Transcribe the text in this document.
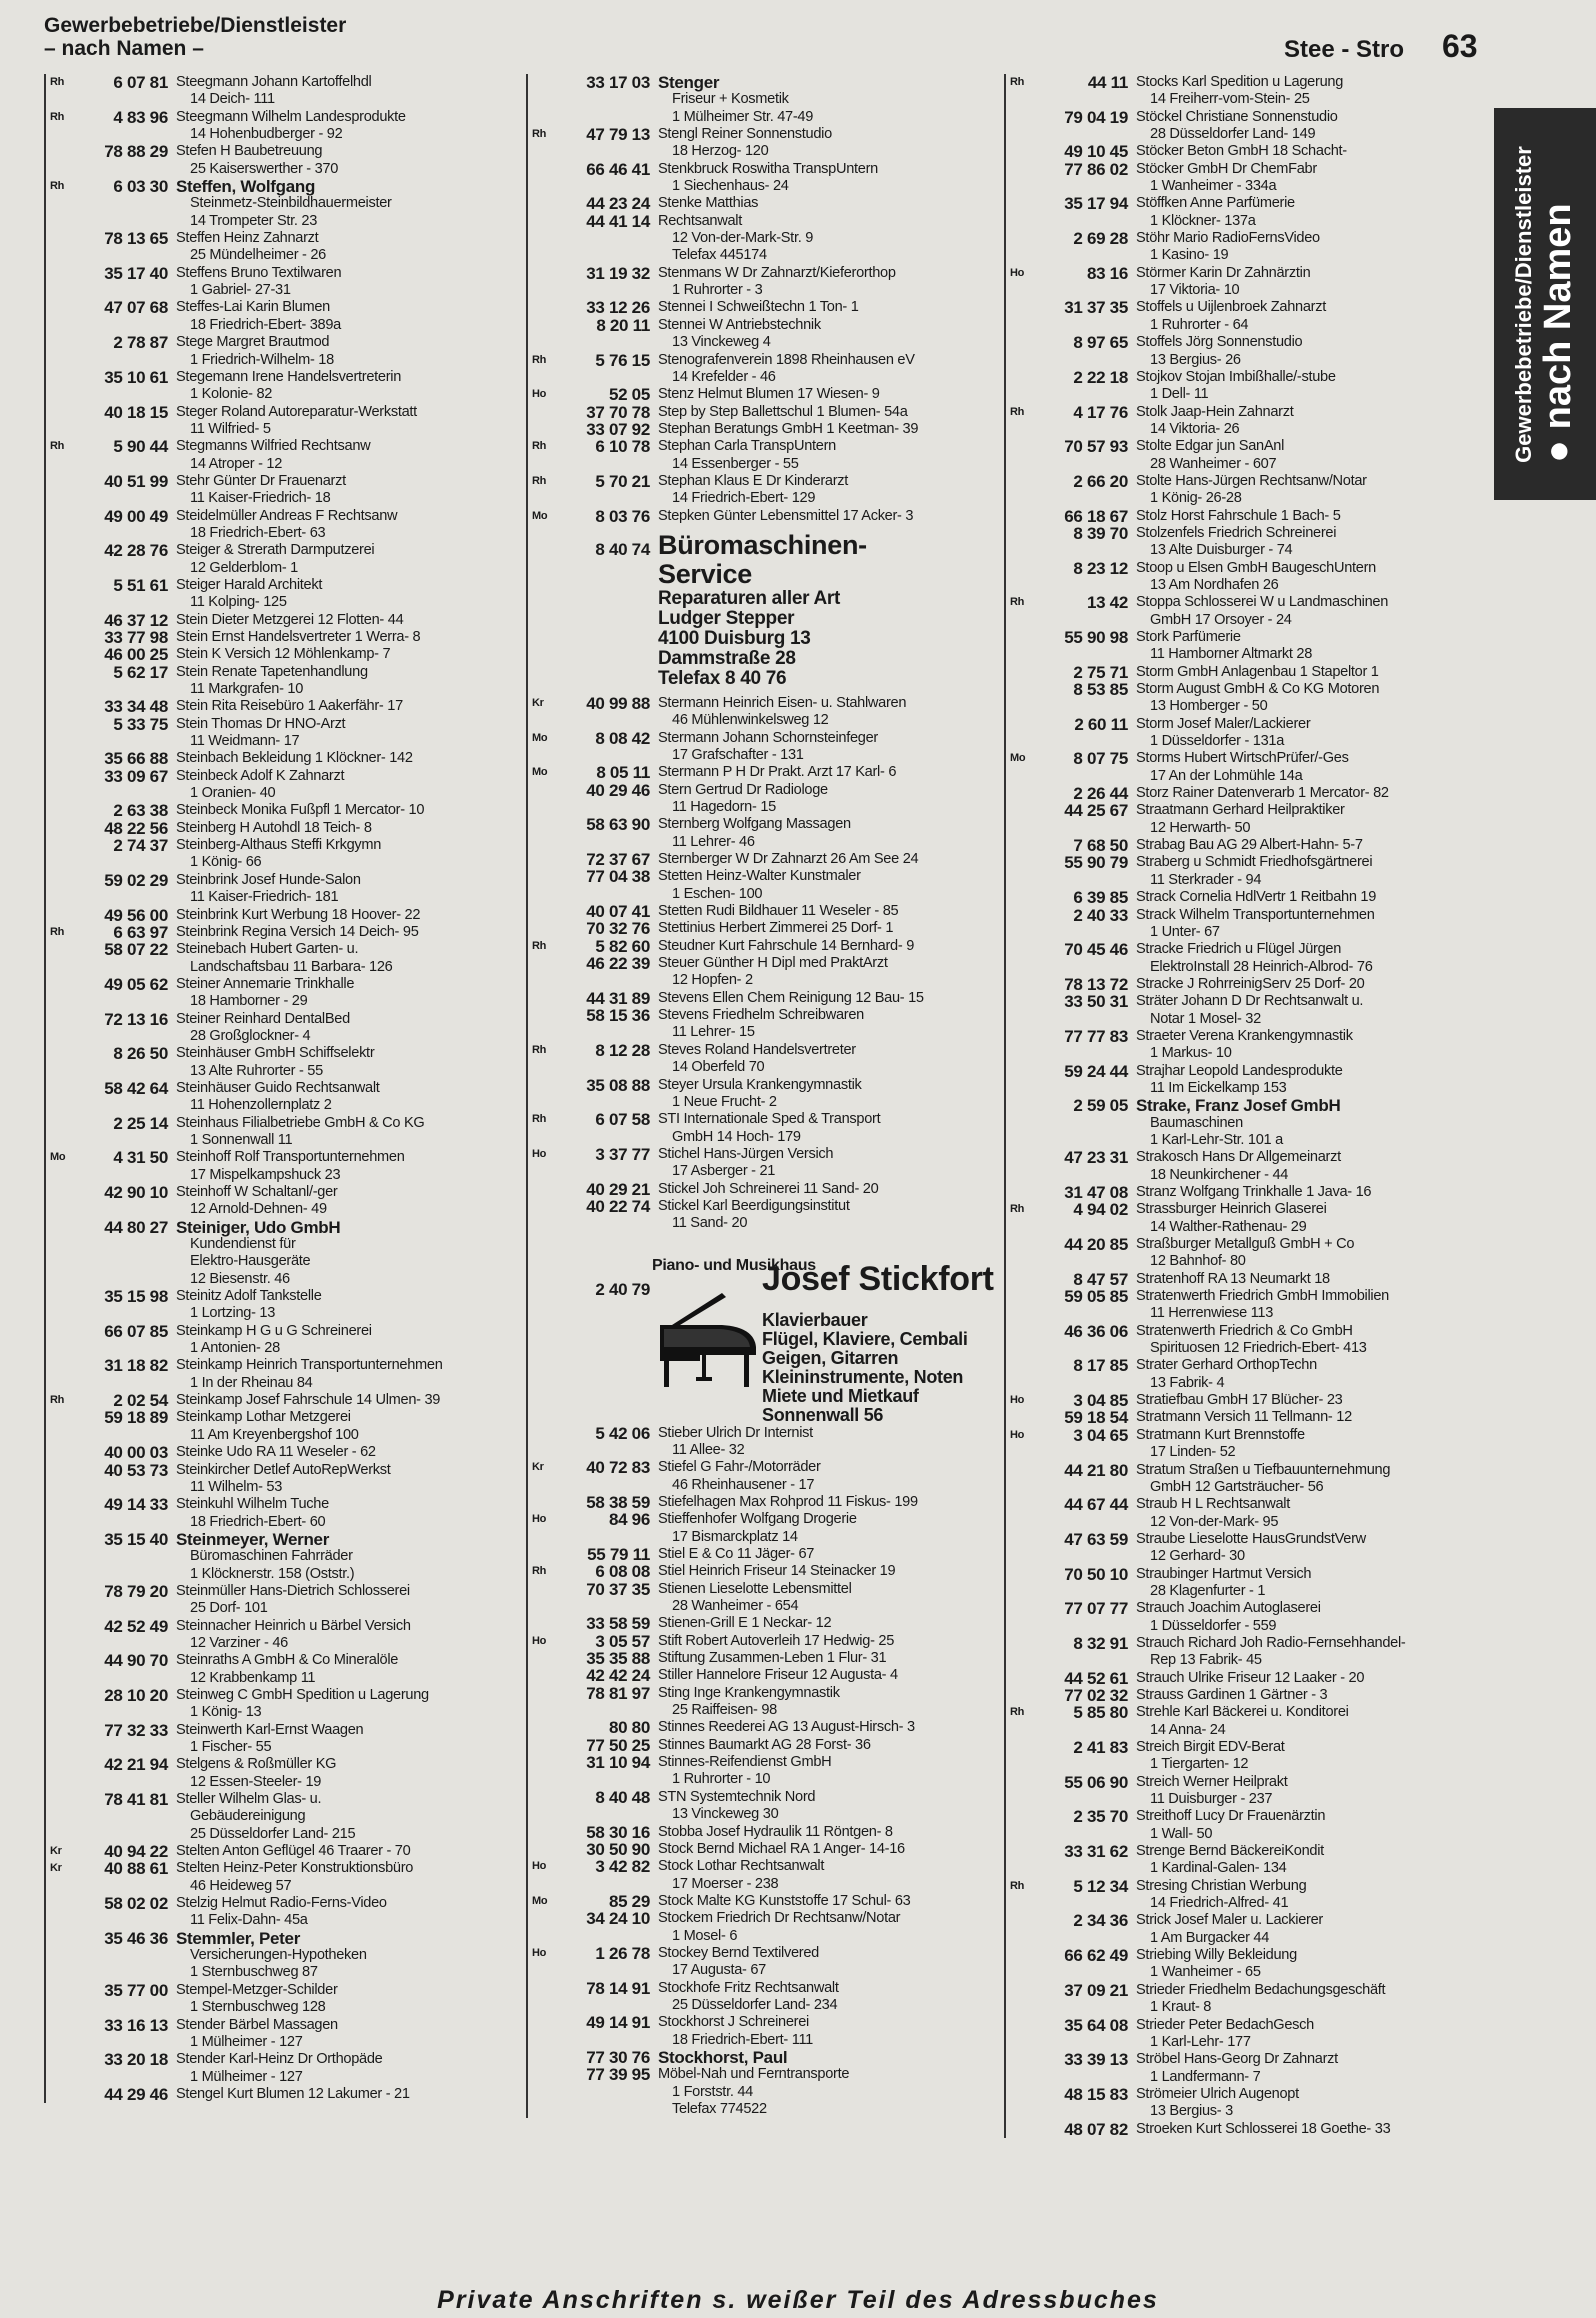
Gewerbebetriebe/Dienstleister
– nach Namen –	Stee - Stro 63
Gewerbebetriebe/Dienstleister ● nach Namen
Rh	6 07 81 Steegmann Johann Kartoffelhdl
14 Deich- 111
Rh	4 83 96 Steegmann Wilhelm Landesprodukte
14 Hohenbudberger - 92
78 88 29 Stefen H Baubetreuung
25 Kaiserswerther - 370
Rh	6 03 30 Steffen, Wolfgang
Steinmetz-Steinbildhauermeister
14 Trompeter Str. 23
78 13 65 Steffen Heinz Zahnarzt
25 Mündelheimer - 26
35 17 40 Steffens Bruno Textilwaren
1 Gabriel- 27-31
47 07 68 Steffes-Lai Karin Blumen
18 Friedrich-Ebert- 389a
2 78 87 Stege Margret Brautmod
1 Friedrich-Wilhelm- 18
35 10 61 Stegemann Irene Handelsvertreterin
1 Kolonie- 82
40 18 15 Steger Roland Autoreparatur-Werkstatt
11 Wilfried- 5
Rh	5 90 44 Stegmanns Wilfried Rechtsanw
14 Atroper - 12
40 51 99 Stehr Günter Dr Frauenarzt
11 Kaiser-Friedrich- 18
49 00 49 Steidelmüller Andreas F Rechtsanw
18 Friedrich-Ebert- 63
42 28 76 Steiger & Strerath Darmputzerei
12 Gelderblom- 1
5 51 61 Steiger Harald Architekt
11 Kolping- 125
46 37 12 Stein Dieter Metzgerei 12 Flotten- 44
33 77 98 Stein Ernst Handelsvertreter 1 Werra- 8
46 00 25 Stein K Versich 12 Möhlenkamp- 7
5 62 17 Stein Renate Tapetenhandlung
11 Markgrafen- 10
33 34 48 Stein Rita Reisebüro 1 Aakerfähr- 17
5 33 75 Stein Thomas Dr HNO-Arzt
11 Weidmann- 17
35 66 88 Steinbach Bekleidung 1 Klöckner- 142
33 09 67 Steinbeck Adolf K Zahnarzt
1 Oranien- 40
2 63 38 Steinbeck Monika Fußpfl 1 Mercator- 10
48 22 56 Steinberg H Autohdl 18 Teich- 8
2 74 37 Steinberg-Althaus Steffi Krkgymn
1 König- 66
59 02 29 Steinbrink Josef Hunde-Salon
11 Kaiser-Friedrich- 181
49 56 00 Steinbrink Kurt Werbung 18 Hoover- 22
Rh	6 63 97 Steinbrink Regina Versich 14 Deich- 95
58 07 22 Steinebach Hubert Garten- u.
Landschaftsbau 11 Barbara- 126
49 05 62 Steiner Annemarie Trinkhalle
18 Hamborner - 29
72 13 16 Steiner Reinhard DentalBed
28 Großglockner- 4
8 26 50 Steinhäuser GmbH Schiffselektr
13 Alte Ruhrorter - 55
58 42 64 Steinhäuser Guido Rechtsanwalt
11 Hohenzollernplatz 2
2 25 14 Steinhaus Filialbetriebe GmbH & Co KG
1 Sonnenwall 11
Mo	4 31 50 Steinhoff Rolf Transportunternehmen
17 Mispelkampshuck 23
42 90 10 Steinhoff W Schaltanl/-ger
12 Arnold-Dehnen- 49
44 80 27 Steiniger, Udo GmbH
Kundendienst für
Elektro-Hausgeräte
12 Biesenstr. 46
35 15 98 Steinitz Adolf Tankstelle
1 Lortzing- 13
66 07 85 Steinkamp H G u G Schreinerei
1 Antonien- 28
31 18 82 Steinkamp Heinrich Transportunternehmen
1 In der Rheinau 84
Rh	2 02 54 Steinkamp Josef Fahrschule 14 Ulmen- 39
59 18 89 Steinkamp Lothar Metzgerei
11 Am Kreyenbergshof 100
40 00 03 Steinke Udo RA 11 Weseler - 62
40 53 73 Steinkircher Detlef AutoRepWerkst
11 Wilhelm- 53
49 14 33 Steinkuhl Wilhelm Tuche
18 Friedrich-Ebert- 60
35 15 40 Steinmeyer, Werner
Büromaschinen Fahrräder
1 Klöcknerstr. 158 (Oststr.)
78 79 20 Steinmüller Hans-Dietrich Schlosserei
25 Dorf- 101
42 52 49 Steinnacher Heinrich u Bärbel Versich
12 Varziner - 46
44 90 70 Steinraths A GmbH & Co Mineralöle
12 Krabbenkamp 11
28 10 20 Steinweg C GmbH Spedition u Lagerung
1 König- 13
77 32 33 Steinwerth Karl-Ernst Waagen
1 Fischer- 55
42 21 94 Stelgens & Roßmüller KG
12 Essen-Steeler- 19
78 41 81 Steller Wilhelm Glas- u.
Gebäudereinigung
25 Düsseldorfer Land- 215
Kr	40 94 22 Stelten Anton Geflügel 46 Traarer - 70
Kr	40 88 61 Stelten Heinz-Peter Konstruktionsbüro
46 Heideweg 57
58 02 02 Stelzig Helmut Radio-Ferns-Video
11 Felix-Dahn- 45a
35 46 36 Stemmler, Peter
Versicherungen-Hypotheken
1 Sternbuschweg 87
35 77 00 Stempel-Metzger-Schilder
1 Sternbuschweg 128
33 16 13 Stender Bärbel Massagen
1 Mülheimer - 127
33 20 18 Stender Karl-Heinz Dr Orthopäde
1 Mülheimer - 127
44 29 46 Stengel Kurt Blumen 12 Lakumer - 21
33 17 03 Stenger
Friseur + Kosmetik
1 Mülheimer Str. 47-49
Rh	47 79 13 Stengl Reiner Sonnenstudio
18 Herzog- 120
66 46 41 Stenkbruck Roswitha TranspUntern
1 Siechenhaus- 24
44 23 24 Stenke Matthias
44 41 14 Rechtsanwalt
12 Von-der-Mark-Str. 9
Telefax 445174
31 19 32 Stenmans W Dr Zahnarzt/Kieferorthop
1 Ruhrorter - 3
33 12 26 Stennei I Schweißtechn 1 Ton- 1
8 20 11 Stennei W Antriebstechnik
13 Vinckeweg 4
Rh	5 76 15 Stenografenverein 1898 Rheinhausen eV
14 Krefelder - 46
Ho	52 05 Stenz Helmut Blumen 17 Wiesen- 9
37 70 78 Step by Step Ballettschul 1 Blumen- 54a
33 07 92 Stephan Beratungs GmbH 1 Keetman- 39
Rh	6 10 78 Stephan Carla TranspUntern
14 Essenberger - 55
Rh	5 70 21 Stephan Klaus E Dr Kinderarzt
14 Friedrich-Ebert- 129
Mo	8 03 76 Stepken Günter Lebensmittel 17 Acker- 3
8 40 74 Büromaschinen-
Service
Reparaturen aller Art
Ludger Stepper
4100 Duisburg 13
Dammstraße 28
Telefax 8 40 76
Kr	40 99 88 Stermann Heinrich Eisen- u. Stahlwaren
46 Mühlenwinkelsweg 12
Mo	8 08 42 Stermann Johann Schornsteinfeger
17 Grafschafter - 131
Mo	8 05 11 Stermann P H Dr Prakt. Arzt 17 Karl- 6
40 29 46 Stern Gertrud Dr Radiologe
11 Hagedorn- 15
58 63 90 Sternberg Wolfgang Massagen
11 Lehrer- 46
72 37 67 Sternberger W Dr Zahnarzt 26 Am See 24
77 04 38 Stetten Heinz-Walter Kunstmaler
1 Eschen- 100
40 07 41 Stetten Rudi Bildhauer 11 Weseler - 85
70 32 76 Stettinius Herbert Zimmerei 25 Dorf- 1
Rh	5 82 60 Steudner Kurt Fahrschule 14 Bernhard- 9
46 22 39 Steuer Günther H Dipl med PraktArzt
12 Hopfen- 2
44 31 89 Stevens Ellen Chem Reinigung 12 Bau- 15
58 15 36 Stevens Friedhelm Schreibwaren
11 Lehrer- 15
Rh	8 12 28 Steves Roland Handelsvertreter
14 Oberfeld 70
35 08 88 Steyer Ursula Krankengymnastik
1 Neue Frucht- 2
Rh	6 07 58 STI Internationale Sped & Transport
GmbH 14 Hoch- 179
Ho	3 37 77 Stichel Hans-Jürgen Versich
17 Asberger - 21
40 29 21 Stickel Joh Schreinerei 11 Sand- 20
40 22 74 Stickel Karl Beerdigungsinstitut
11 Sand- 20
Piano- und Musikhaus
2 40 79	Josef Stickfort
Klavierbauer
Flügel, Klaviere, Cembali
Geigen, Gitarren
Kleininstrumente, Noten
Miete und Mietkauf
Sonnenwall 56
5 42 06 Stieber Ulrich Dr Internist
11 Allee- 32
Kr	40 72 83 Stiefel G Fahr-/Motorräder
46 Rheinhausener - 17
58 38 59 Stiefelhagen Max Rohprod 11 Fiskus- 199
Ho	84 96 Stieffenhofer Wolfgang Drogerie
17 Bismarckplatz 14
55 79 11 Stiel E & Co 11 Jäger- 67
Rh	6 08 08 Stiel Heinrich Friseur 14 Steinacker 19
70 37 35 Stienen Lieselotte Lebensmittel
28 Wanheimer - 654
33 58 59 Stienen-Grill E 1 Neckar- 12
Ho	3 05 57 Stift Robert Autoverleih 17 Hedwig- 25
35 35 88 Stiftung Zusammen-Leben 1 Flur- 31
42 42 24 Stiller Hannelore Friseur 12 Augusta- 4
78 81 97 Sting Inge Krankengymnastik
25 Raiffeisen- 98
80 80 Stinnes Reederei AG 13 August-Hirsch- 3
77 50 25 Stinnes Baumarkt AG 28 Forst- 36
31 10 94 Stinnes-Reifendienst GmbH
1 Ruhrorter - 10
8 40 48 STN Systemtechnik Nord
13 Vinckeweg 30
58 30 16 Stobba Josef Hydraulik 11 Röntgen- 8
30 50 90 Stock Bernd Michael RA 1 Anger- 14-16
Ho	3 42 82 Stock Lothar Rechtsanwalt
17 Moerser - 238
Mo	85 29 Stock Malte KG Kunststoffe 17 Schul- 63
34 24 10 Stockem Friedrich Dr Rechtsanw/Notar
1 Mosel- 6
Ho	1 26 78 Stockey Bernd Textilvered
17 Augusta- 67
78 14 91 Stockhofe Fritz Rechtsanwalt
25 Düsseldorfer Land- 234
49 14 91 Stockhorst J Schreinerei
18 Friedrich-Ebert- 111
77 30 76 Stockhorst, Paul
77 39 95 Möbel-Nah und Ferntransporte
1 Forststr. 44
Telefax 774522
Rh	44 11 Stocks Karl Spedition u Lagerung
14 Freiherr-vom-Stein- 25
79 04 19 Stöckel Christiane Sonnenstudio
28 Düsseldorfer Land- 149
49 10 45 Stöcker Beton GmbH 18 Schacht-
77 86 02 Stöcker GmbH Dr ChemFabr
1 Wanheimer - 334a
35 17 94 Stöffken Anne Parfümerie
1 Klöckner- 137a
2 69 28 Stöhr Mario RadioFernsVideo
1 Kasino- 19
Ho	83 16 Störmer Karin Dr Zahnärztin
17 Viktoria- 10
31 37 35 Stoffels u Uijlenbroek Zahnarzt
1 Ruhrorter - 64
8 97 65 Stoffels Jörg Sonnenstudio
13 Bergius- 26
2 22 18 Stojkov Stojan Imbißhalle/-stube
1 Dell- 11
Rh	4 17 76 Stolk Jaap-Hein Zahnarzt
14 Viktoria- 26
70 57 93 Stolte Edgar jun SanAnl
28 Wanheimer - 607
2 66 20 Stolte Hans-Jürgen Rechtsanw/Notar
1 König- 26-28
66 18 67 Stolz Horst Fahrschule 1 Bach- 5
8 39 70 Stolzenfels Friedrich Schreinerei
13 Alte Duisburger - 74
8 23 12 Stoop u Elsen GmbH BaugeschUntern
13 Am Nordhafen 26
Rh	13 42 Stoppa Schlosserei W u Landmaschinen
GmbH 17 Orsoyer - 24
55 90 98 Stork Parfümerie
11 Hamborner Altmarkt 28
2 75 71 Storm GmbH Anlagenbau 1 Stapeltor 1
8 53 85 Storm August GmbH & Co KG Motoren
13 Homberger - 50
2 60 11 Storm Josef Maler/Lackierer
1 Düsseldorfer - 131a
Mo	8 07 75 Storms Hubert WirtschPrüfer/-Ges
17 An der Lohmühle 14a
2 26 44 Storz Rainer Datenverarb 1 Mercator- 82
44 25 67 Straatmann Gerhard Heilpraktiker
12 Herwarth- 50
7 68 50 Strabag Bau AG 29 Albert-Hahn- 5-7
55 90 79 Straberg u Schmidt Friedhofsgärtnerei
11 Sterkrader - 94
6 39 85 Strack Cornelia HdlVertr 1 Reitbahn 19
2 40 33 Strack Wilhelm Transportunternehmen
1 Unter- 67
70 45 46 Stracke Friedrich u Flügel Jürgen
ElektroInstall 28 Heinrich-Albrod- 76
78 13 72 Stracke J RohrreinigServ 25 Dorf- 20
33 50 31 Sträter Johann D Dr Rechtsanwalt u.
Notar 1 Mosel- 32
77 77 83 Straeter Verena Krankengymnastik
1 Markus- 10
59 24 44 Strajhar Leopold Landesprodukte
11 Im Eickelkamp 153
2 59 05 Strake, Franz Josef GmbH
Baumaschinen
1 Karl-Lehr-Str. 101 a
47 23 31 Strakosch Hans Dr Allgemeinarzt
18 Neunkirchener - 44
31 47 08 Stranz Wolfgang Trinkhalle 1 Java- 16
Rh	4 94 02 Strassburger Heinrich Glaserei
14 Walther-Rathenau- 29
44 20 85 Straßburger Metallguß GmbH + Co
12 Bahnhof- 80
8 47 57 Stratenhoff RA 13 Neumarkt 18
59 05 85 Stratenwerth Friedrich GmbH Immobilien
11 Herrenwiese 113
46 36 06 Stratenwerth Friedrich & Co GmbH
Spirituosen 12 Friedrich-Ebert- 413
8 17 85 Strater Gerhard OrthopTechn
13 Fabrik- 4
Ho	3 04 85 Stratiefbau GmbH 17 Blücher- 23
59 18 54 Stratmann Versich 11 Tellmann- 12
Ho	3 04 65 Stratmann Kurt Brennstoffe
17 Linden- 52
44 21 80 Stratum Straßen u Tiefbauunternehmung
GmbH 12 Gartsträucher- 56
44 67 44 Straub H L Rechtsanwalt
12 Von-der-Mark- 95
47 63 59 Straube Lieselotte HausGrundstVerw
12 Gerhard- 30
70 50 10 Straubinger Hartmut Versich
28 Klagenfurter - 1
77 07 77 Strauch Joachim Autoglaserei
1 Düsseldorfer - 559
8 32 91 Strauch Richard Joh Radio-Fernsehhandel-
Rep 13 Fabrik- 45
44 52 61 Strauch Ulrike Friseur 12 Laaker - 20
77 02 32 Strauss Gardinen 1 Gärtner - 3
Rh	5 85 80 Strehle Karl Bäckerei u. Konditorei
14 Anna- 24
2 41 83 Streich Birgit EDV-Berat
1 Tiergarten- 12
55 06 90 Streich Werner Heilprakt
11 Duisburger - 237
2 35 70 Streithoff Lucy Dr Frauenärztin
1 Wall- 50
33 31 62 Strenge Bernd BäckereiKondit
1 Kardinal-Galen- 134
Rh	5 12 34 Stresing Christian Werbung
14 Friedrich-Alfred- 41
2 34 36 Strick Josef Maler u. Lackierer
1 Am Burgacker 44
66 62 49 Striebing Willy Bekleidung
1 Wanheimer - 65
37 09 21 Strieder Friedhelm Bedachungsgeschäft
1 Kraut- 8
35 64 08 Strieder Peter BedachGesch
1 Karl-Lehr- 177
33 39 13 Ströbel Hans-Georg Dr Zahnarzt
1 Landfermann- 7
48 15 83 Strömeier Ulrich Augenopt
13 Bergius- 3
48 07 82 Stroeken Kurt Schlosserei 18 Goethe- 33
Private Anschriften s. weißer Teil des Adressbuches
